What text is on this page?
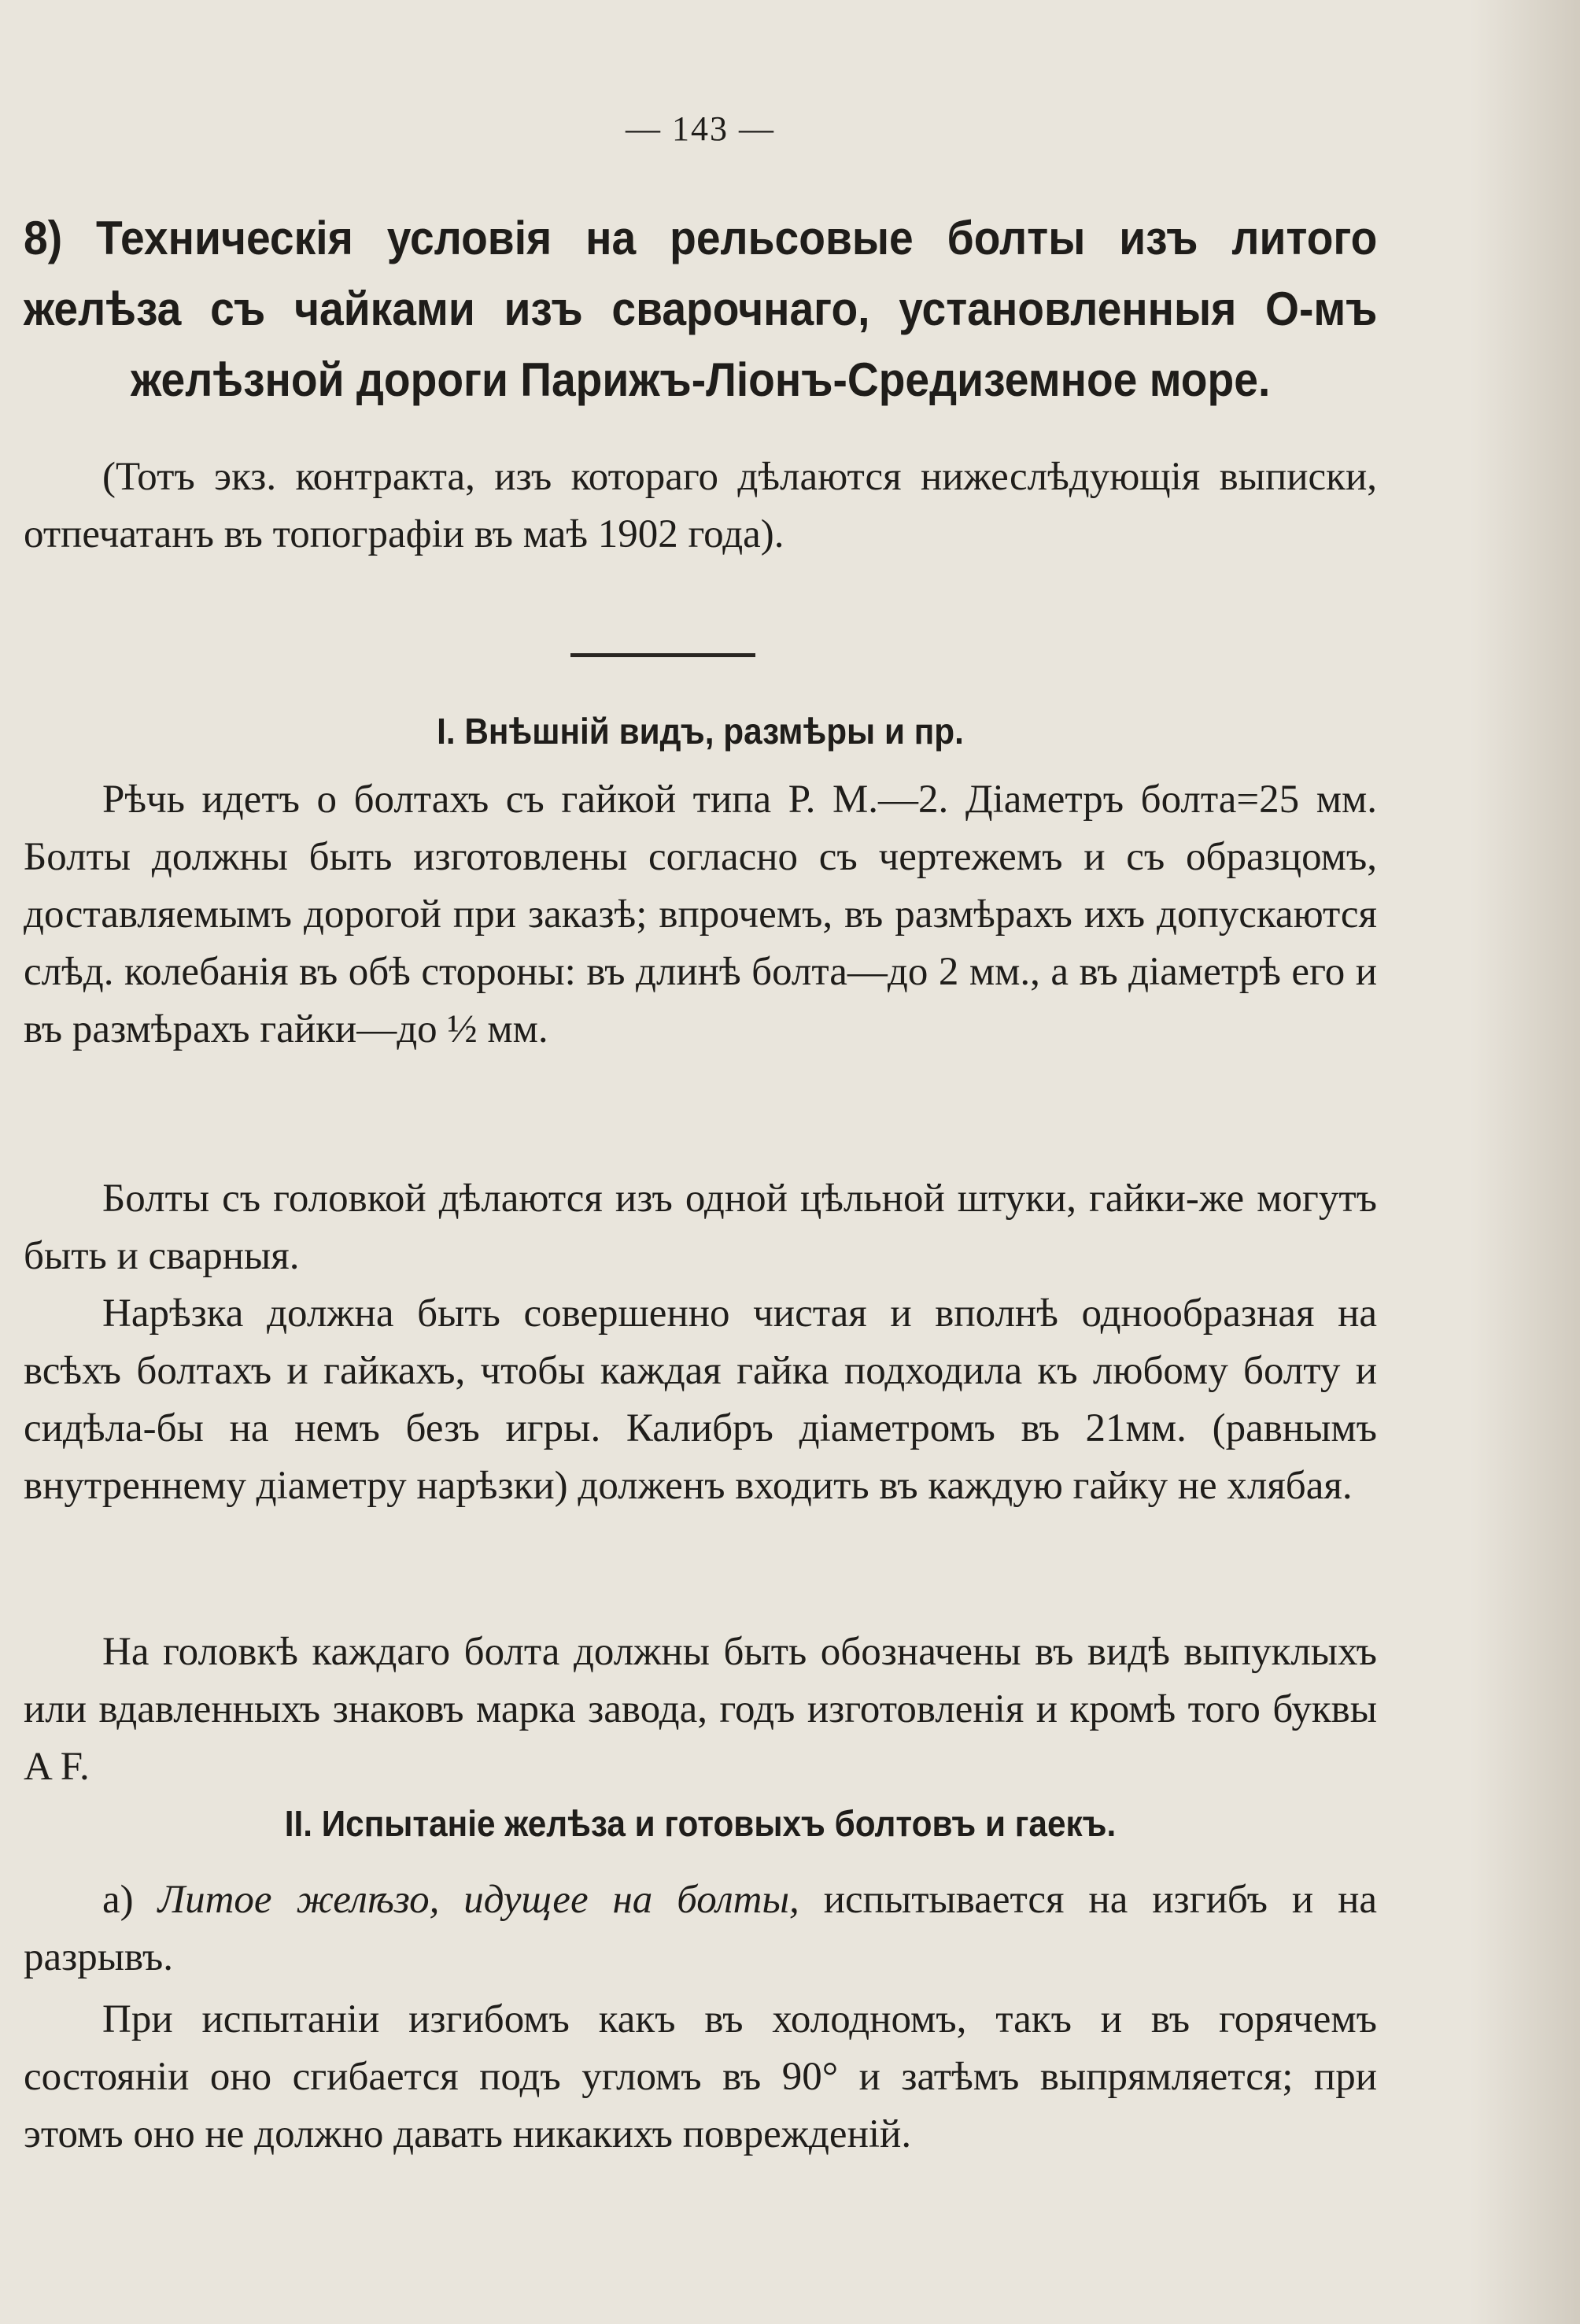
— 143 —
8) Техническія условія на рельсовые болты изъ литого желѣза съ чайками изъ сварочнаго, установленныя О-мъ желѣзной дороги Парижъ-Ліонъ-Средиземное море.
(Тотъ экз. контракта, изъ котораго дѣлаются нижеслѣдующія выписки, отпечатанъ въ топографіи въ маѣ 1902 года).
I. Внѣшній видъ, размѣры и пр.
Рѣчь идетъ о болтахъ съ гайкой типа Р. М.—2. Діаметръ болта=25 мм. Болты должны быть изготовлены согласно съ чертежемъ и съ образцомъ, доставляемымъ дорогой при заказѣ; впрочемъ, въ размѣрахъ ихъ допускаются слѣд. колебанія въ обѣ стороны: въ длинѣ болта—до 2 мм., а въ діаметрѣ его и въ размѣрахъ гайки—до ½ мм.
Болты съ головкой дѣлаются изъ одной цѣльной штуки, гайки-же могутъ быть и сварныя.
Нарѣзка должна быть совершенно чистая и вполнѣ однообразная на всѣхъ болтахъ и гайкахъ, чтобы каждая гайка подходила къ любому болту и сидѣла-бы на немъ безъ игры. Калибръ діаметромъ въ 21мм. (равнымъ внутреннему діаметру нарѣзки) долженъ входить въ каждую гайку не хлябая.
На головкѣ каждаго болта должны быть обозначены въ видѣ выпуклыхъ или вдавленныхъ знаковъ марка завода, годъ изготовленія и кромѣ того буквы A F.
II. Испытаніе желѣза и готовыхъ болтовъ и гаекъ.
а) Литое желѣзо, идущее на болты, испытывается на изгибъ и на разрывъ.
При испытаніи изгибомъ какъ въ холодномъ, такъ и въ горячемъ состояніи оно сгибается подъ угломъ въ 90° и затѣмъ выпрямляется; при этомъ оно не должно давать никакихъ поврежденій.
